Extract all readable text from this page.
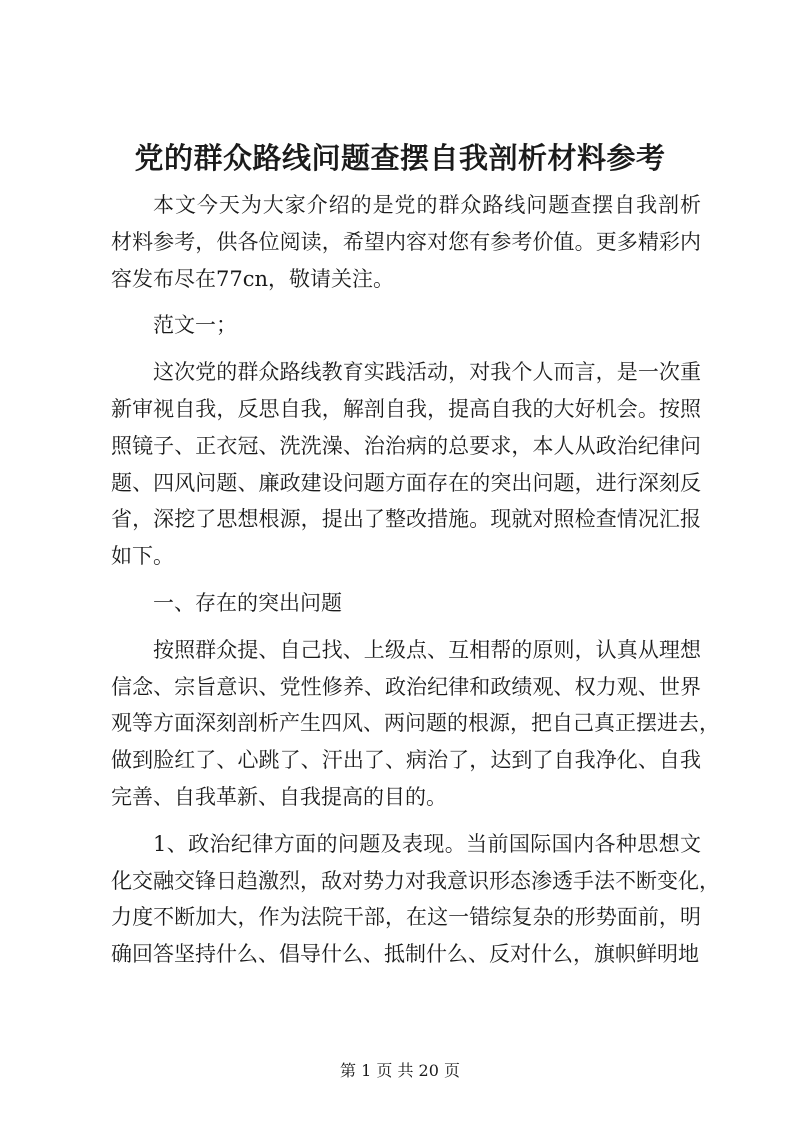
党的群众路线问题查摆自我剖析材料参考

本文今天为大家介绍的是党的群众路线问题查摆自我剖析
材料参考，供各位阅读，希望内容对您有参考价值。更多精彩内
容发布尽在77cn，敬请关注。

范文一；

这次党的群众路线教育实践活动，对我个人而言，是一次重
新审视自我，反思自我，解剖自我，提高自我的大好机会。按照
照镜子、正衣冠、洗洗澡、治治病的总要求，本人从政治纪律问
题、四风问题、廉政建设问题方面存在的突出问题，进行深刻反
省，深挖了思想根源，提出了整改措施。现就对照检查情况汇报
如下。

一、存在的突出问题

按照群众提、自己找、上级点、互相帮的原则，认真从理想
信念、宗旨意识、党性修养、政治纪律和政绩观、权力观、世界
观等方面深刻剖析产生四风、两问题的根源，把自己真正摆进去，
做到脸红了、心跳了、汗出了、病治了，达到了自我净化、自我
完善、自我革新、自我提高的目的。

1、政治纪律方面的问题及表现。当前国际国内各种思想文
化交融交锋日趋激烈，敌对势力对我意识形态渗透手法不断变化，
力度不断加大，作为法院干部，在这一错综复杂的形势面前，明
确回答坚持什么、倡导什么、抵制什么、反对什么，旗帜鲜明地

第 1 页 共 20 页
